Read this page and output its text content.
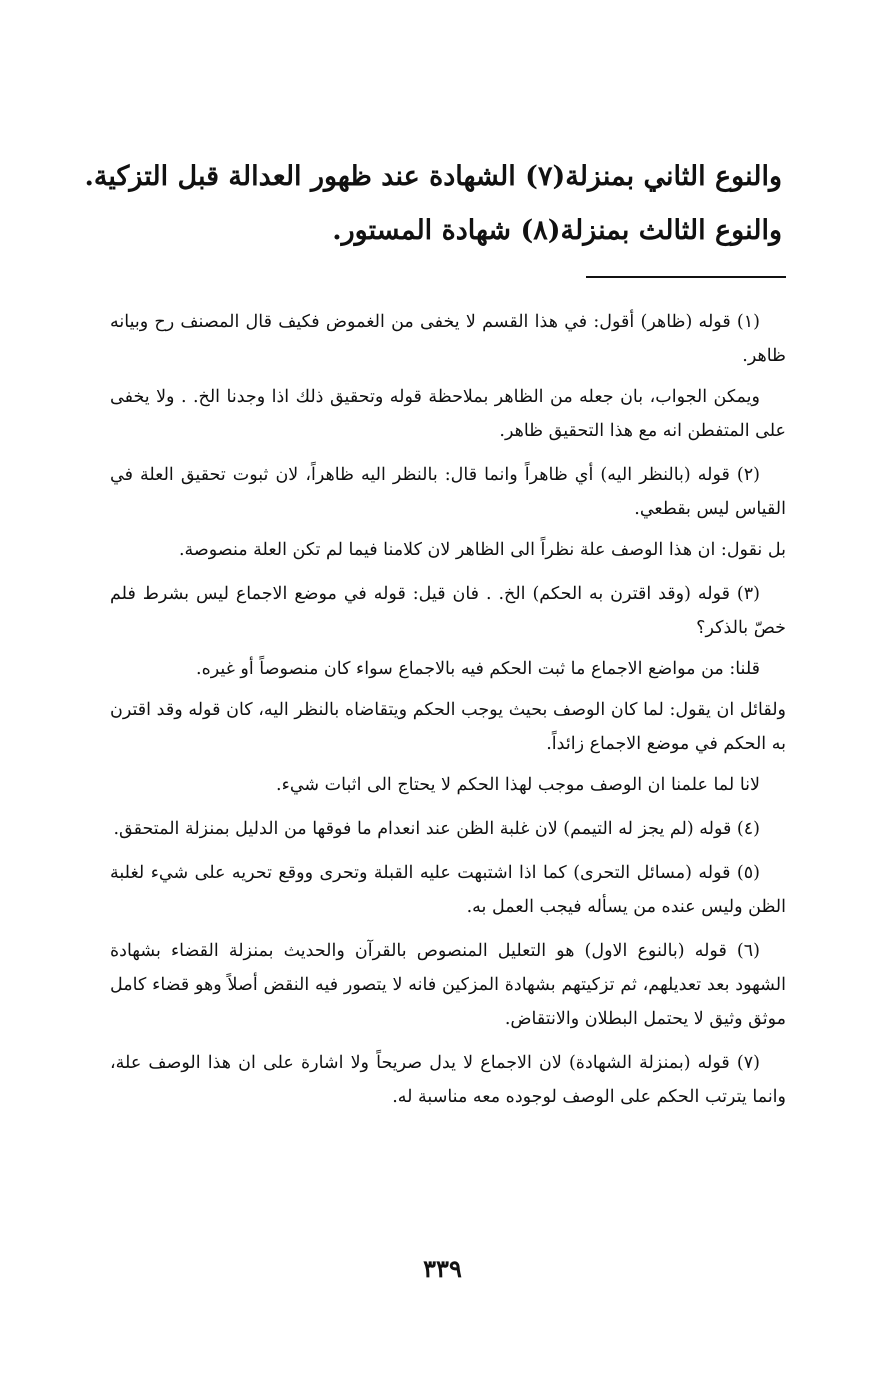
والنوع الثاني بمنزلة(٧) الشهادة عند ظهور العدالة قبل التزكية.

والنوع الثالث بمنزلة(٨) شهادة المستور.

(١) قوله (ظاهر) أقول: في هذا القسم لا يخفى من الغموض فكيف قال المصنف رح وبيانه ظاهر.

ويمكن الجواب، بان جعله من الظاهر بملاحظة قوله وتحقيق ذلك اذا وجدنا الخ. . ولا يخفى على المتفطن انه مع هذا التحقيق ظاهر.

(٢) قوله (بالنظر اليه) أي ظاهراً وانما قال: بالنظر اليه ظاهراً، لان ثبوت تحقيق العلة في القياس ليس بقطعي.

بل نقول: ان هذا الوصف علة نظراً الى الظاهر لان كلامنا فيما لم تكن العلة منصوصة.

(٣) قوله (وقد اقترن به الحكم) الخ. . فان قيل: قوله في موضع الاجماع ليس بشرط فلم خصّ بالذكر؟

قلنا: من مواضع الاجماع ما ثبت الحكم فيه بالاجماع سواء كان منصوصاً أو غيره.

ولقائل ان يقول: لما كان الوصف بحيث يوجب الحكم ويتقاضاه بالنظر اليه، كان قوله وقد اقترن به الحكم في موضع الاجماع زائداً.

لانا لما علمنا ان الوصف موجب لهذا الحكم لا يحتاج الى اثبات شيء.

(٤) قوله (لم يجز له التيمم) لان غلبة الظن عند انعدام ما فوقها من الدليل بمنزلة المتحقق.

(٥) قوله (مسائل التحرى) كما اذا اشتبهت عليه القبلة وتحرى ووقع تحريه على شيء لغلبة الظن وليس عنده من يسأله فيجب العمل به.

(٦) قوله (بالنوع الاول) هو التعليل المنصوص بالقرآن والحديث بمنزلة القضاء بشهادة الشهود بعد تعديلهم، ثم تزكيتهم بشهادة المزكين فانه لا يتصور فيه النقض أصلاً وهو قضاء كامل موثق وثيق لا يحتمل البطلان والانتقاض.

(٧) قوله (بمنزلة الشهادة) لان الاجماع لا يدل صريحاً ولا اشارة على ان هذا الوصف علة، وانما يترتب الحكم على الوصف لوجوده معه مناسبة له.

٣٣٩
